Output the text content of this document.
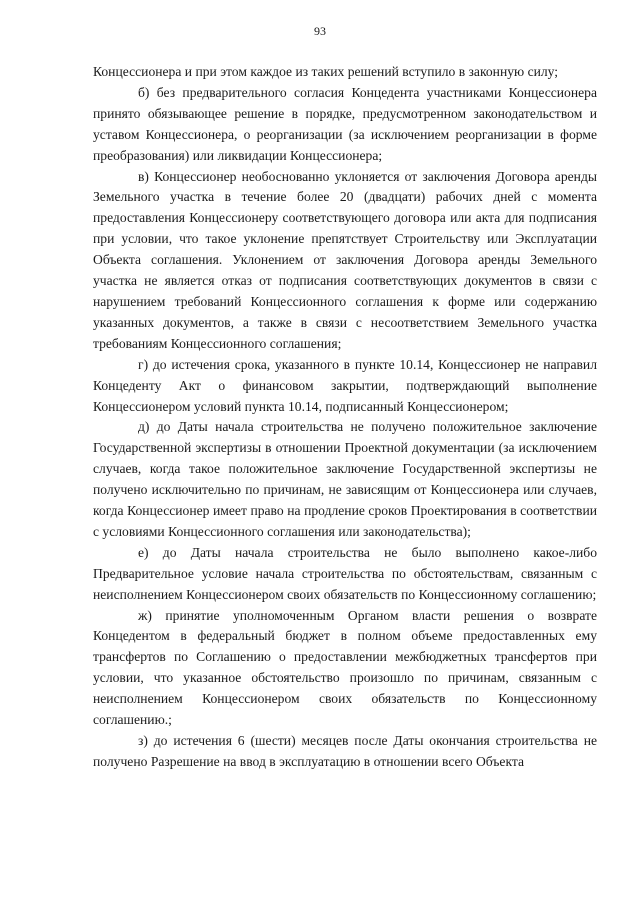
93

Концессионера и при этом каждое из таких решений вступило в законную силу;

б) без предварительного согласия Концедента участниками Концессионера принято обязывающее решение в порядке, предусмотренном законодательством и уставом Концессионера, о реорганизации (за исключением реорганизации в форме преобразования) или ликвидации Концессионера;

в) Концессионер необоснованно уклоняется от заключения Договора аренды Земельного участка в течение более 20 (двадцати) рабочих дней с момента предоставления Концессионеру соответствующего договора или акта для подписания при условии, что такое уклонение препятствует Строительству или Эксплуатации Объекта соглашения. Уклонением от заключения Договора аренды Земельного участка не является отказ от подписания соответствующих документов в связи с нарушением требований Концессионного соглашения к форме или содержанию указанных документов, а также в связи с несоответствием Земельного участка требованиям Концессионного соглашения;

г) до истечения срока, указанного в пункте 10.14, Концессионер не направил Концеденту Акт о финансовом закрытии, подтверждающий выполнение Концессионером условий пункта 10.14, подписанный Концессионером;

д) до Даты начала строительства не получено положительное заключение Государственной экспертизы в отношении Проектной документации (за исключением случаев, когда такое положительное заключение Государственной экспертизы не получено исключительно по причинам, не зависящим от Концессионера или случаев, когда Концессионер имеет право на продление сроков Проектирования в соответствии с условиями Концессионного соглашения или законодательства);

е) до Даты начала строительства не было выполнено какое-либо Предварительное условие начала строительства по обстоятельствам, связанным с неисполнением Концессионером своих обязательств по Концессионному соглашению;

ж) принятие уполномоченным Органом власти решения о возврате Концедентом в федеральный бюджет в полном объеме предоставленных ему трансфертов по Соглашению о предоставлении межбюджетных трансфертов при условии, что указанное обстоятельство произошло по причинам, связанным с неисполнением Концессионером своих обязательств по Концессионному соглашению.;

з) до истечения 6 (шести) месяцев после Даты окончания строительства не получено Разрешение на ввод в эксплуатацию в отношении всего Объекта
